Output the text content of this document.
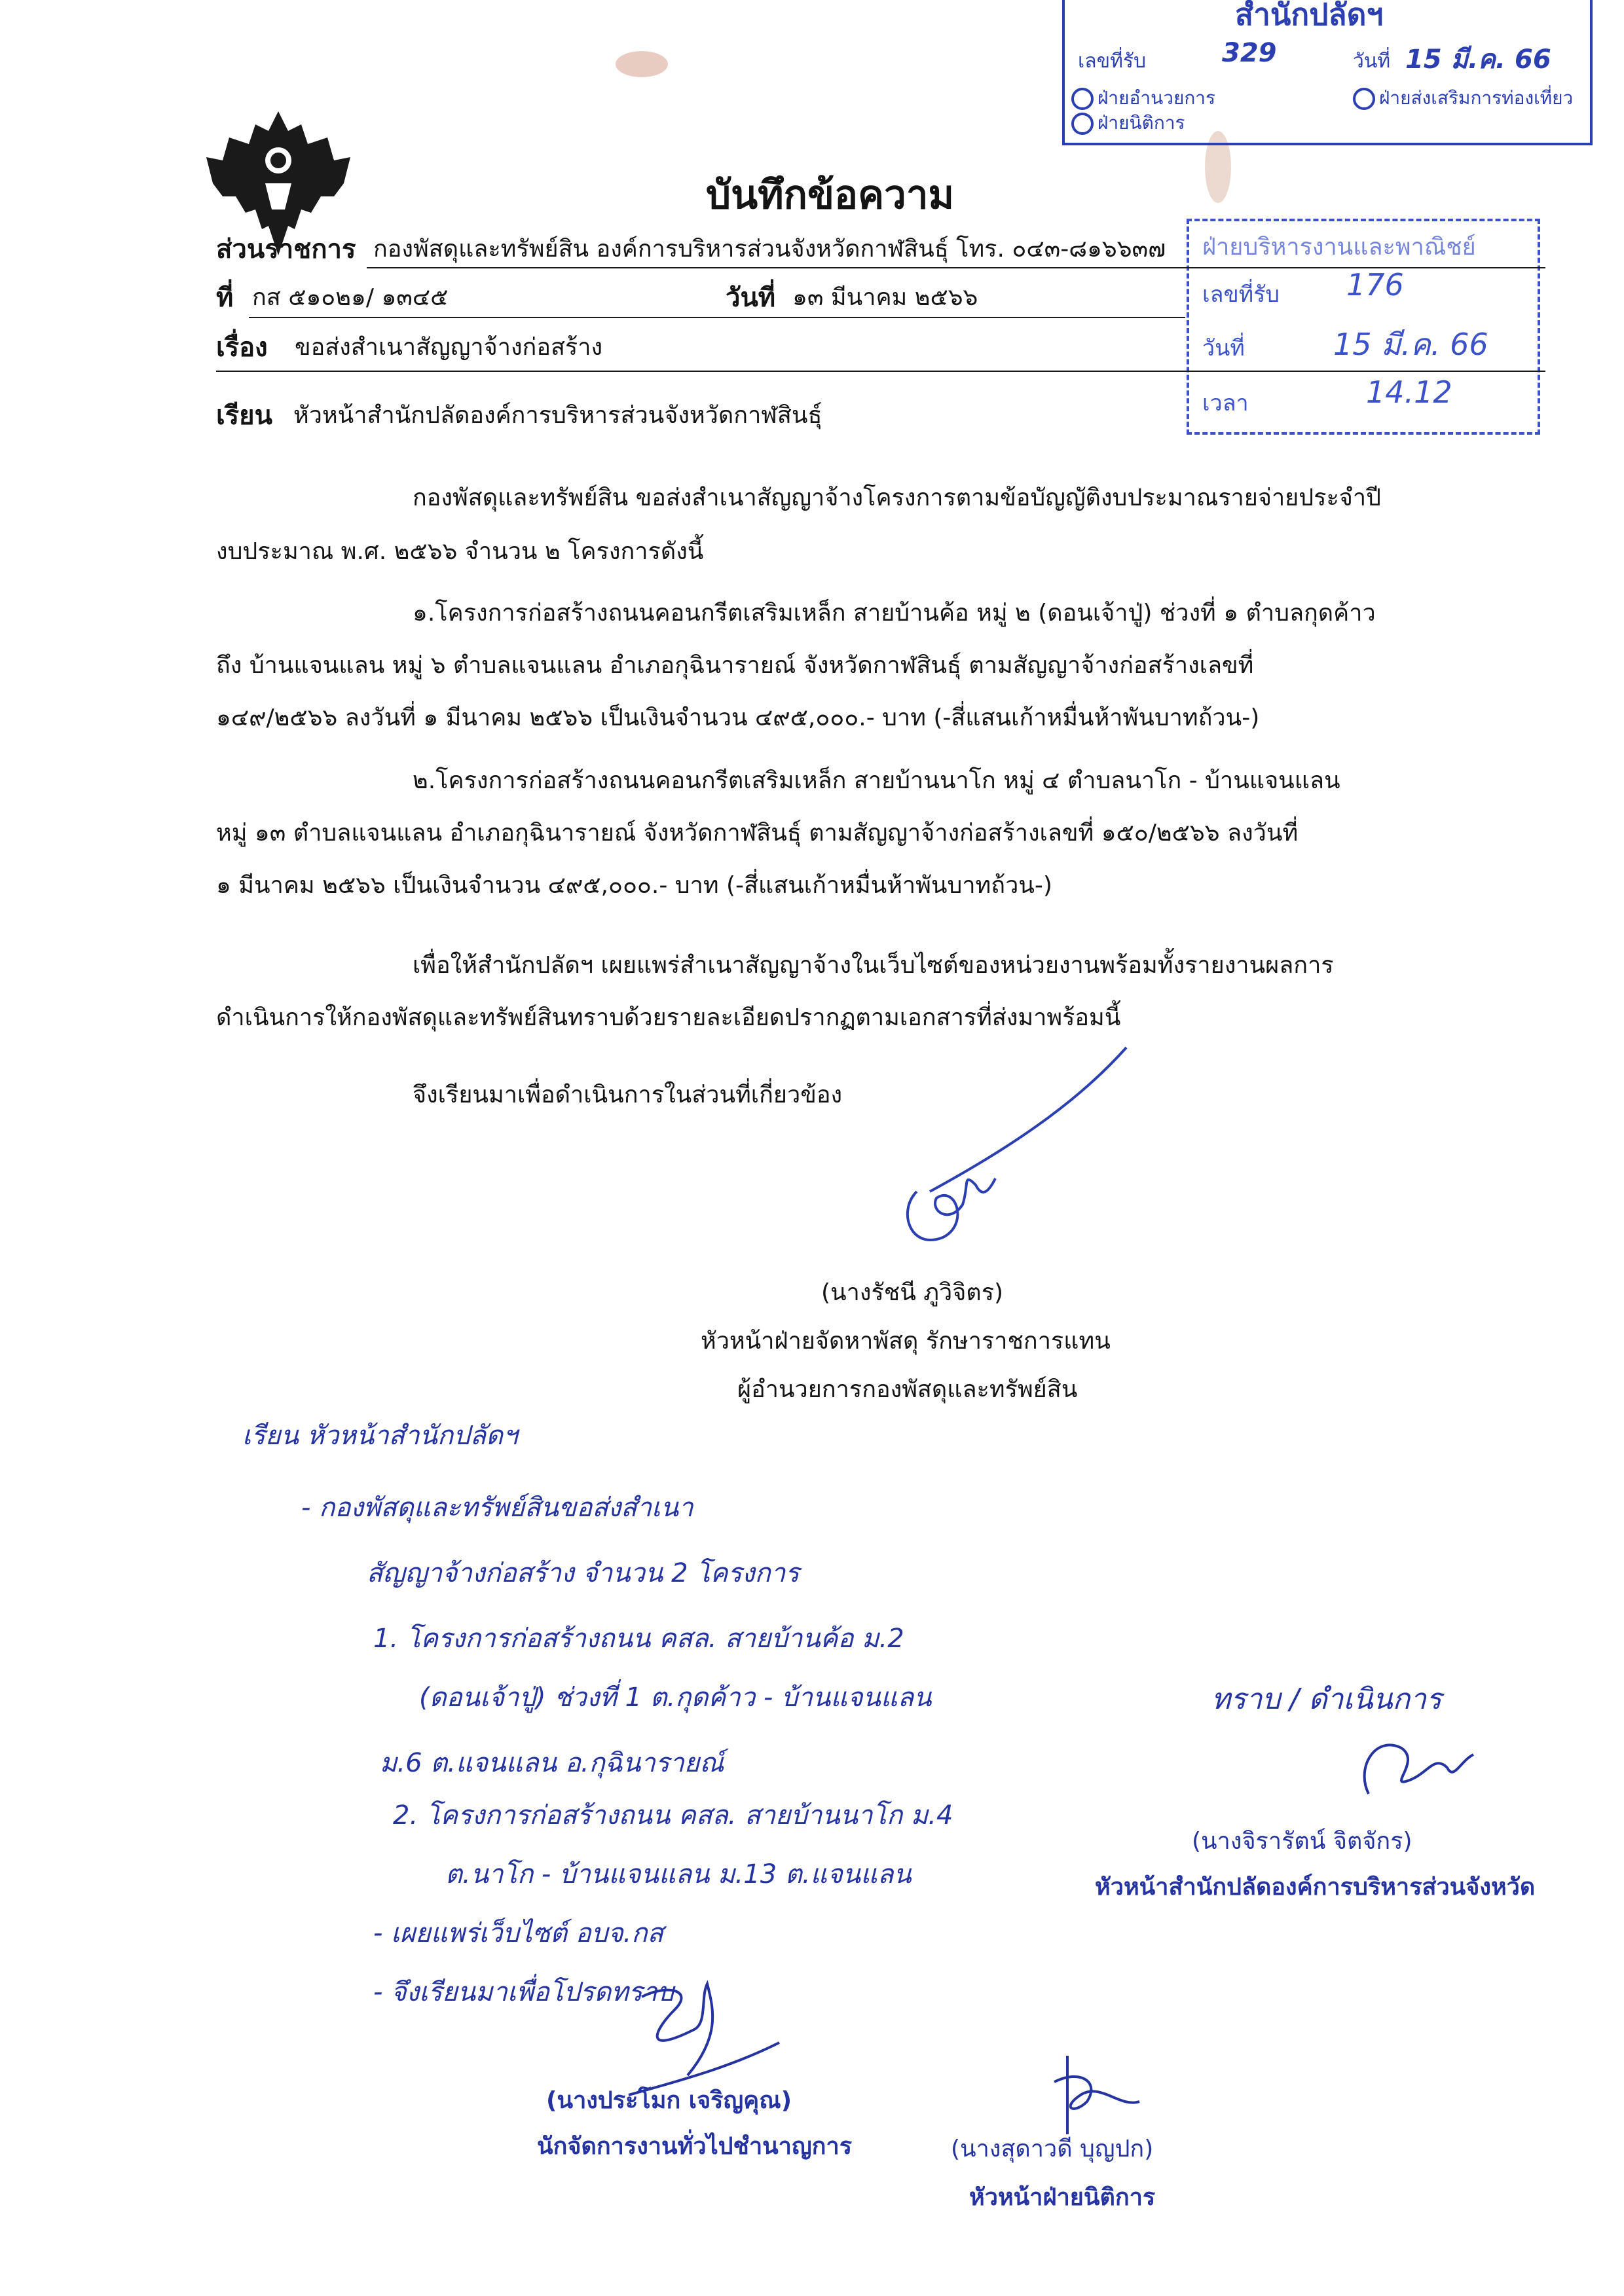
สำนักปลัดฯ
เลขที่รับ	329	วันที่ 15 มี.ค. 66
ฝ่ายอำนวยการ	ฝ่ายส่งเสริมการท่องเที่ยว
ฝ่ายนิติการ
ฝ่ายบริหารงานและพาณิชย์
เลขที่รับ 176
วันที่	15 มี.ค. 66
เวลา	14.12
บันทึกข้อความ
ส่วนราชการ กองพัสดุและทรัพย์สิน องค์การบริหารส่วนจังหวัดกาฬสินธุ์ โทร. ๐๔๓-๘๑๖๖๓๗
ที่ กส ๕๑๐๒๑/ ๑๓๔๕	วันที่ ๑๓ มีนาคม ๒๕๖๖
เรื่อง ขอส่งสำเนาสัญญาจ้างก่อสร้าง
เรียน หัวหน้าสำนักปลัดองค์การบริหารส่วนจังหวัดกาฬสินธุ์
กองพัสดุและทรัพย์สิน ขอส่งสำเนาสัญญาจ้างโครงการตามข้อบัญญัติงบประมาณรายจ่ายประจำปี
งบประมาณ พ.ศ. ๒๕๖๖ จำนวน ๒ โครงการดังนี้
๑.โครงการก่อสร้างถนนคอนกรีตเสริมเหล็ก สายบ้านค้อ หมู่ ๒ (ดอนเจ้าปู่) ช่วงที่ ๑ ตำบลกุดค้าว
ถึง บ้านแจนแลน หมู่ ๖ ตำบลแจนแลน อำเภอกุฉินารายณ์ จังหวัดกาฬสินธุ์ ตามสัญญาจ้างก่อสร้างเลขที่
๑๔๙/๒๕๖๖ ลงวันที่ ๑ มีนาคม ๒๕๖๖ เป็นเงินจำนวน ๔๙๕,๐๐๐.- บาท (-สี่แสนเก้าหมื่นห้าพันบาทถ้วน-)
๒.โครงการก่อสร้างถนนคอนกรีตเสริมเหล็ก สายบ้านนาโก หมู่ ๔ ตำบลนาโก - บ้านแจนแลน
หมู่ ๑๓ ตำบลแจนแลน อำเภอกุฉินารายณ์ จังหวัดกาฬสินธุ์ ตามสัญญาจ้างก่อสร้างเลขที่ ๑๕๐/๒๕๖๖ ลงวันที่
๑ มีนาคม ๒๕๖๖ เป็นเงินจำนวน ๔๙๕,๐๐๐.- บาท (-สี่แสนเก้าหมื่นห้าพันบาทถ้วน-)
เพื่อให้สำนักปลัดฯ เผยแพร่สำเนาสัญญาจ้างในเว็บไซต์ของหน่วยงานพร้อมทั้งรายงานผลการ
ดำเนินการให้กองพัสดุและทรัพย์สินทราบด้วยรายละเอียดปรากฏตามเอกสารที่ส่งมาพร้อมนี้
จึงเรียนมาเพื่อดำเนินการในส่วนที่เกี่ยวข้อง
(นางรัชนี ภูวิจิตร)
หัวหน้าฝ่ายจัดหาพัสดุ รักษาราชการแทน
ผู้อำนวยการกองพัสดุและทรัพย์สิน
เรียน หัวหน้าสำนักปลัดฯ
- กองพัสดุและทรัพย์สินขอส่งสำเนา
สัญญาจ้างก่อสร้าง จำนวน 2 โครงการ
1. โครงการก่อสร้างถนน คสล. สายบ้านค้อ ม.2
(ดอนเจ้าปู่) ช่วงที่ 1 ต.กุดค้าว - บ้านแจนแลน
ม.6 ต.แจนแลน อ.กุฉินารายณ์
2. โครงการก่อสร้างถนน คสล. สายบ้านนาโก ม.4
ต.นาโก - บ้านแจนแลน ม.13 ต.แจนแลน
- เผยแพร่เว็บไซต์ อบจ.กส
- จึงเรียนมาเพื่อโปรดทราบ
ทราบ / ดำเนินการ
(นางจิรารัตน์ จิตจักร)
หัวหน้าสำนักปลัดองค์การบริหารส่วนจังหวัด
(นางประโมก เจริญคุณ)
นักจัดการงานทั่วไปชำนาญการ	(นางสุดาวดี บุญปก)
หัวหน้าฝ่ายนิติการ
